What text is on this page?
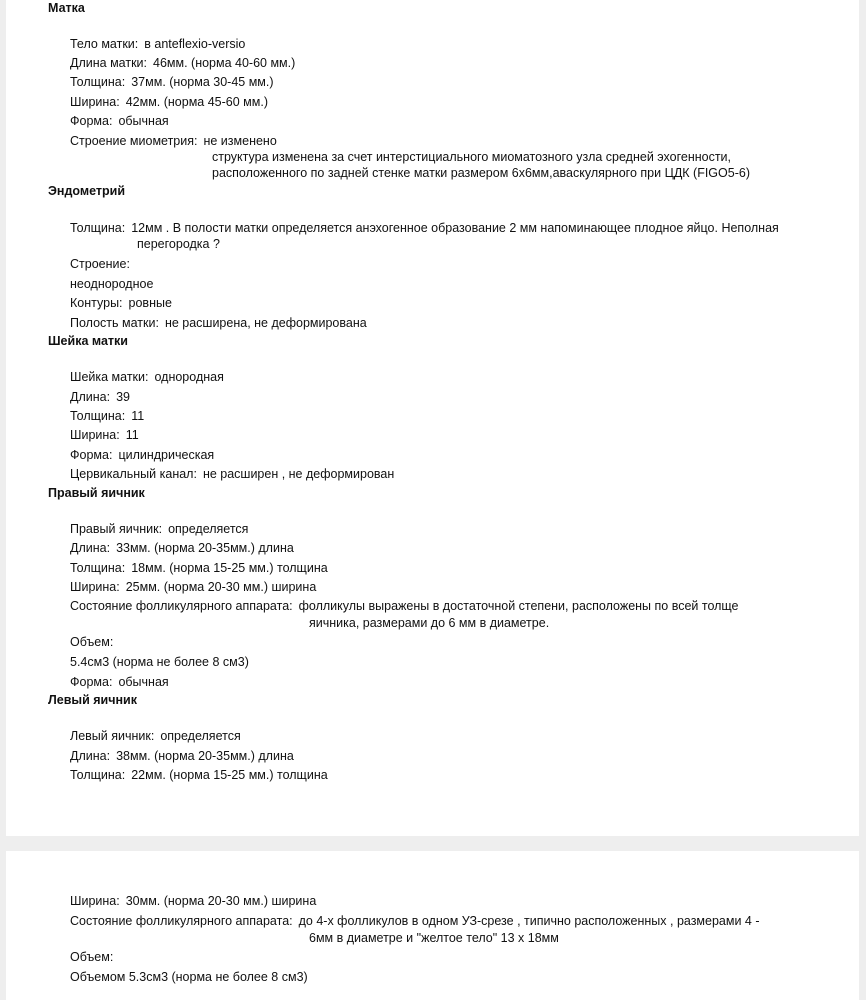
Матка
Тело матки: в anteflexio-versio
Длина матки: 46мм. (норма 40-60 мм.)
Толщина: 37мм. (норма 30-45 мм.)
Ширина: 42мм. (норма 45-60 мм.)
Форма: обычная
Строение миометрия: не изменено
структура изменена за счет интерстициального миоматозного узла средней эхогенности,
расположенного по задней стенке матки размером 6х6мм,аваскулярного при ЦДК (FIGO5-6)
Эндометрий
Толщина: 12мм . В полости матки определяется анэхогенное образование 2 мм напоминающее плодное яйцо. Неполная
перегородка ?
Строение:
неоднородное
Контуры: ровные
Полость матки: не расширена, не деформирована
Шейка матки
Шейка матки: однородная
Длина: 39
Толщина: 11
Ширина: 11
Форма: цилиндрическая
Цервикальный канал: не расширен , не деформирован
Правый яичник
Правый яичник: определяется
Длина: 33мм. (норма 20-35мм.) длина
Толщина: 18мм. (норма 15-25 мм.) толщина
Ширина: 25мм. (норма 20-30 мм.) ширина
Состояние фолликулярного аппарата: фолликулы выражены в достаточной степени, расположены по всей толще
яичника, размерами до 6 мм в диаметре.
Объем:
5.4см3 (норма не более 8 см3)
Форма: обычная
Левый яичник
Левый яичник: определяется
Длина: 38мм. (норма 20-35мм.) длина
Толщина: 22мм. (норма 15-25 мм.) толщина
Ширина: 30мм. (норма 20-30 мм.) ширина
Состояние фолликулярного аппарата: до 4-х фолликулов в одном УЗ-срезе , типично расположенных , размерами 4 -
6мм в диаметре и "желтое тело" 13 х 18мм
Объем:
Объемом 5.3см3 (норма не более 8 см3)
